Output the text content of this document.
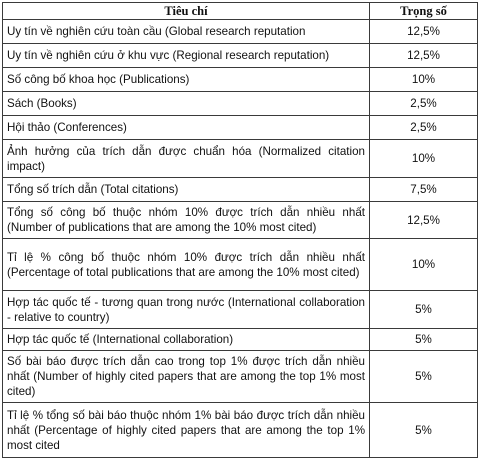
Tiêu chí	Trọng số
Uy tín về nghiên cứu toàn cầu (Global research reputation	12,5%
Uy tín về nghiên cứu ở khu vực (Regional research reputation)	12,5%
Số công bố khoa học (Publications)	10%
Sách (Books)	2,5%
Hội thảo (Conferences)	2,5%
Ảnh hưởng của trích dẫn được chuẩn hóa (Normalized citation impact)	10%
Tổng số trích dẫn (Total citations)	7,5%
Tổng số công bố thuộc nhóm 10% được trích dẫn nhiều nhất (Number of publications that are among the 10% most cited)	12,5%
Tỉ lệ % công bố thuộc nhóm 10% được trích dẫn nhiều nhất (Percentage of total publications that are among the 10% most cited)	10%
Hợp tác quốc tế - tương quan trong nước (International collaboration - relative to country)	5%
Hợp tác quốc tế (International collaboration)	5%
Số bài báo được trích dẫn cao trong top 1% được trích dẫn nhiều nhất (Number of highly cited papers that are among the top 1% most cited)	5%
Tỉ lệ % tổng số bài báo thuộc nhóm 1% bài báo được trích dẫn nhiều nhất (Percentage of highly cited papers that are among the top 1% most cited	5%
